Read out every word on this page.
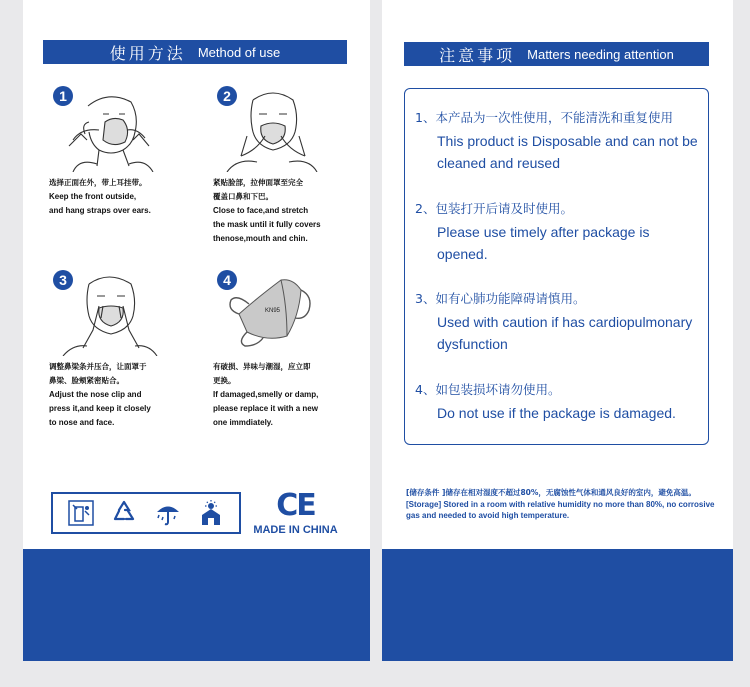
使用方法 Method of use
1
选择正面在外，带上耳挂带。
Keep the front outside,
and hang straps over ears.
2
紧贴脸部，拉伸面罩至完全
覆盖口鼻和下巴。
Close to face,and stretch
the mask until it fully covers
thenose,mouth and chin.
3
调整鼻梁条并压合，让面罩于
鼻梁、脸颊紧密贴合。
Adjust the nose clip and
press it,and keep it closely
to nose and face.
4
KN95
有破损、异味与潮湿，应立即
更换。
If damaged,smelly or damp,
please replace it with a new
one immdiately.
CE
MADE IN CHINA
注意事项 Matters needing attention
1、本产品为一次性使用，不能清洗和重复使用
This product is Disposable and can not be cleaned and reused
2、包装打开后请及时使用。
Please use timely after package is opened.
3、如有心肺功能障碍请慎用。
Used with caution if has cardiopulmonary dysfunction
4、如包装损坏请勿使用。
Do not use if the package is damaged.
[储存条件 ]储存在相对湿度不超过80%，无腐蚀性气体和通风良好的室内，避免高温。
[Storage] Stored in a room with relative humidity no more than 80%, no corrosive gas and needed to avoid high temperature.
